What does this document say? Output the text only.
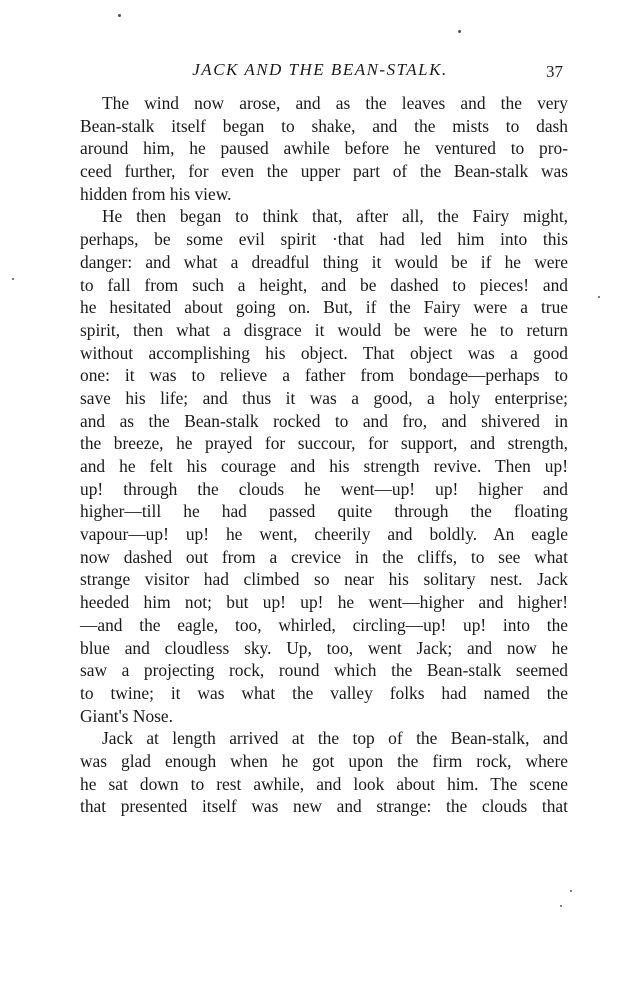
JACK AND THE BEAN-STALK.	37

The wind now arose, and as the leaves and the very
Bean-stalk itself began to shake, and the mists to dash
around him, he paused awhile before he ventured to pro-
ceed further, for even the upper part of the Bean-stalk was
hidden from his view.

He then began to think that, after all, the Fairy might,
perhaps, be some evil spirit ·that had led him into this
danger: and what a dreadful thing it would be if he were
to fall from such a height, and be dashed to pieces! and
he hesitated about going on. But, if the Fairy were a true
spirit, then what a disgrace it would be were he to return
without accomplishing his object. That object was a good
one: it was to relieve a father from bondage—perhaps to
save his life; and thus it was a good, a holy enterprise;
and as the Bean-stalk rocked to and fro, and shivered in
the breeze, he prayed for succour, for support, and strength,
and he felt his courage and his strength revive. Then up!
up! through the clouds he went—up! up! higher and
higher—till he had passed quite through the floating
vapour—up! up! he went, cheerily and boldly. An eagle
now dashed out from a crevice in the cliffs, to see what
strange visitor had climbed so near his solitary nest. Jack
heeded him not; but up! up! he went—higher and higher!
—and the eagle, too, whirled, circling—up! up! into the
blue and cloudless sky. Up, too, went Jack; and now he
saw a projecting rock, round which the Bean-stalk seemed
to twine; it was what the valley folks had named the
Giant's Nose.

Jack at length arrived at the top of the Bean-stalk, and
was glad enough when he got upon the firm rock, where
he sat down to rest awhile, and look about him. The scene
that presented itself was new and strange: the clouds that
